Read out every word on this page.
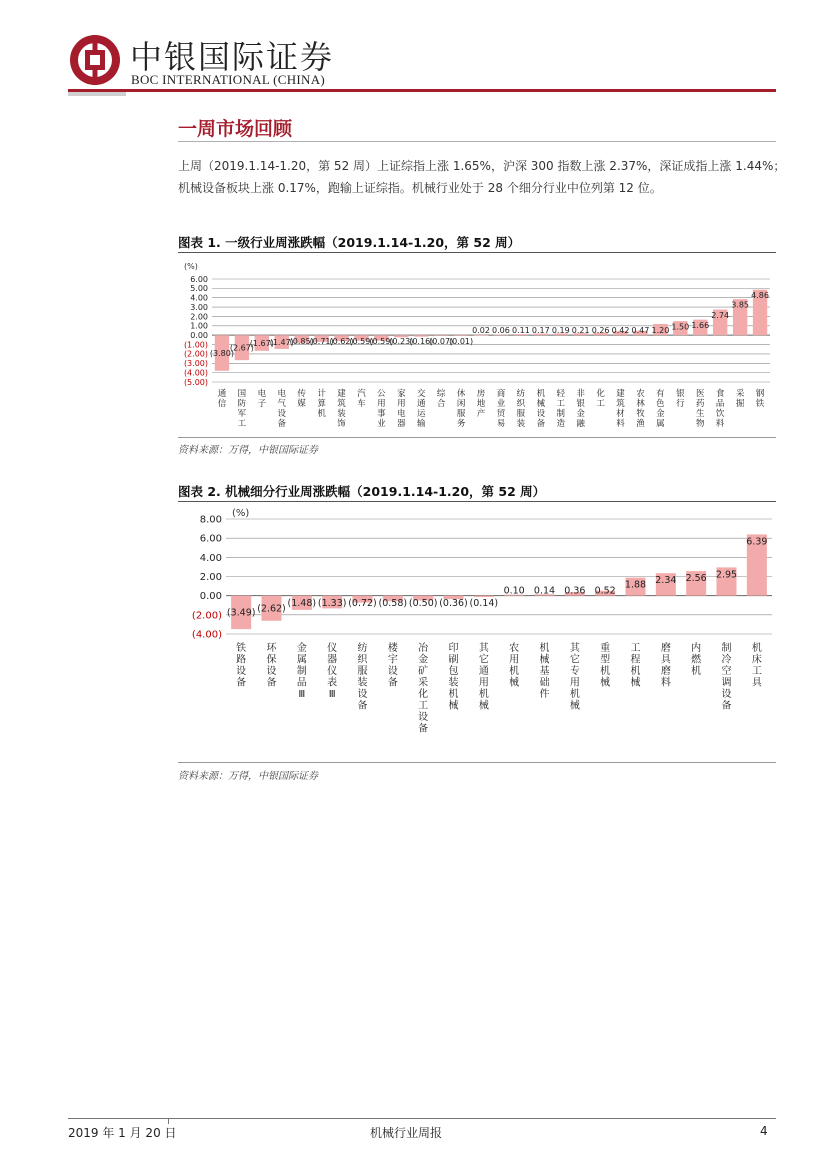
中银国际证券
BOC INTERNATIONAL (CHINA)
一周市场回顾
上周（2019.1.14-1.20，第 52 周）上证综指上涨 1.65%，沪深 300 指数上涨 2.37%，深证成指上涨 1.44%；
机械设备板块上涨 0.17%，跑输上证综指。机械行业处于 28 个细分行业中位列第 12 位。
图表 1. 一级行业周涨跌幅（2019.1.14-1.20，第 52 周）
(%)
6.00
5.00
4.00
3.00
2.00
1.00
0.00
(1.00)
(2.00)
(3.00)
(4.00)
(5.00)
(3.80)
通
信
(2.67)
国
防
军
工
(1.67)
电
子
(1.47)
电
气
设
备
(0.85)
传
媒
(0.71)
计
算
机
(0.62)
建
筑
装
饰
(0.59)
汽
车
(0.59)
公
用
事
业
(0.23)
家
用
电
器
(0.16)
交
通
运
输
(0.07)
综
合
(0.01)
休
闲
服
务
0.02
房
地
产
0.06
商
业
贸
易
0.11
纺
织
服
装
0.17
机
械
设
备
0.19
轻
工
制
造
0.21
非
银
金
融
0.26
化
工
0.42
建
筑
材
料
0.47
农
林
牧
渔
1.20
有
色
金
属
1.50
银
行
1.66
医
药
生
物
2.74
食
品
饮
料
3.85
采
掘
4.86
钢
铁
资料来源：万得，中银国际证券
图表 2. 机械细分行业周涨跌幅（2019.1.14-1.20，第 52 周）
(%)
8.00
6.00
4.00
2.00
0.00
(2.00)
(4.00)
(3.49)
铁
路
设
备
(2.62)
环
保
设
备
(1.48)
金
属
制
品
Ⅲ
(1.33)
仪
器
仪
表
Ⅲ
(0.72)
纺
织
服
装
设
备
(0.58)
楼
宇
设
备
(0.50)
冶
金
矿
采
化
工
设
备
(0.36)
印
刷
包
装
机
械
(0.14)
其
它
通
用
机
械
0.10
农
用
机
械
0.14
机
械
基
础
件
0.36
其
它
专
用
机
械
0.52
重
型
机
械
1.88
工
程
机
械
2.34
磨
具
磨
料
2.56
内
燃
机
2.95
制
冷
空
调
设
备
6.39
机
床
工
具
资料来源：万得，中银国际证券
2019 年 1 月 20 日	机械行业周报	4
